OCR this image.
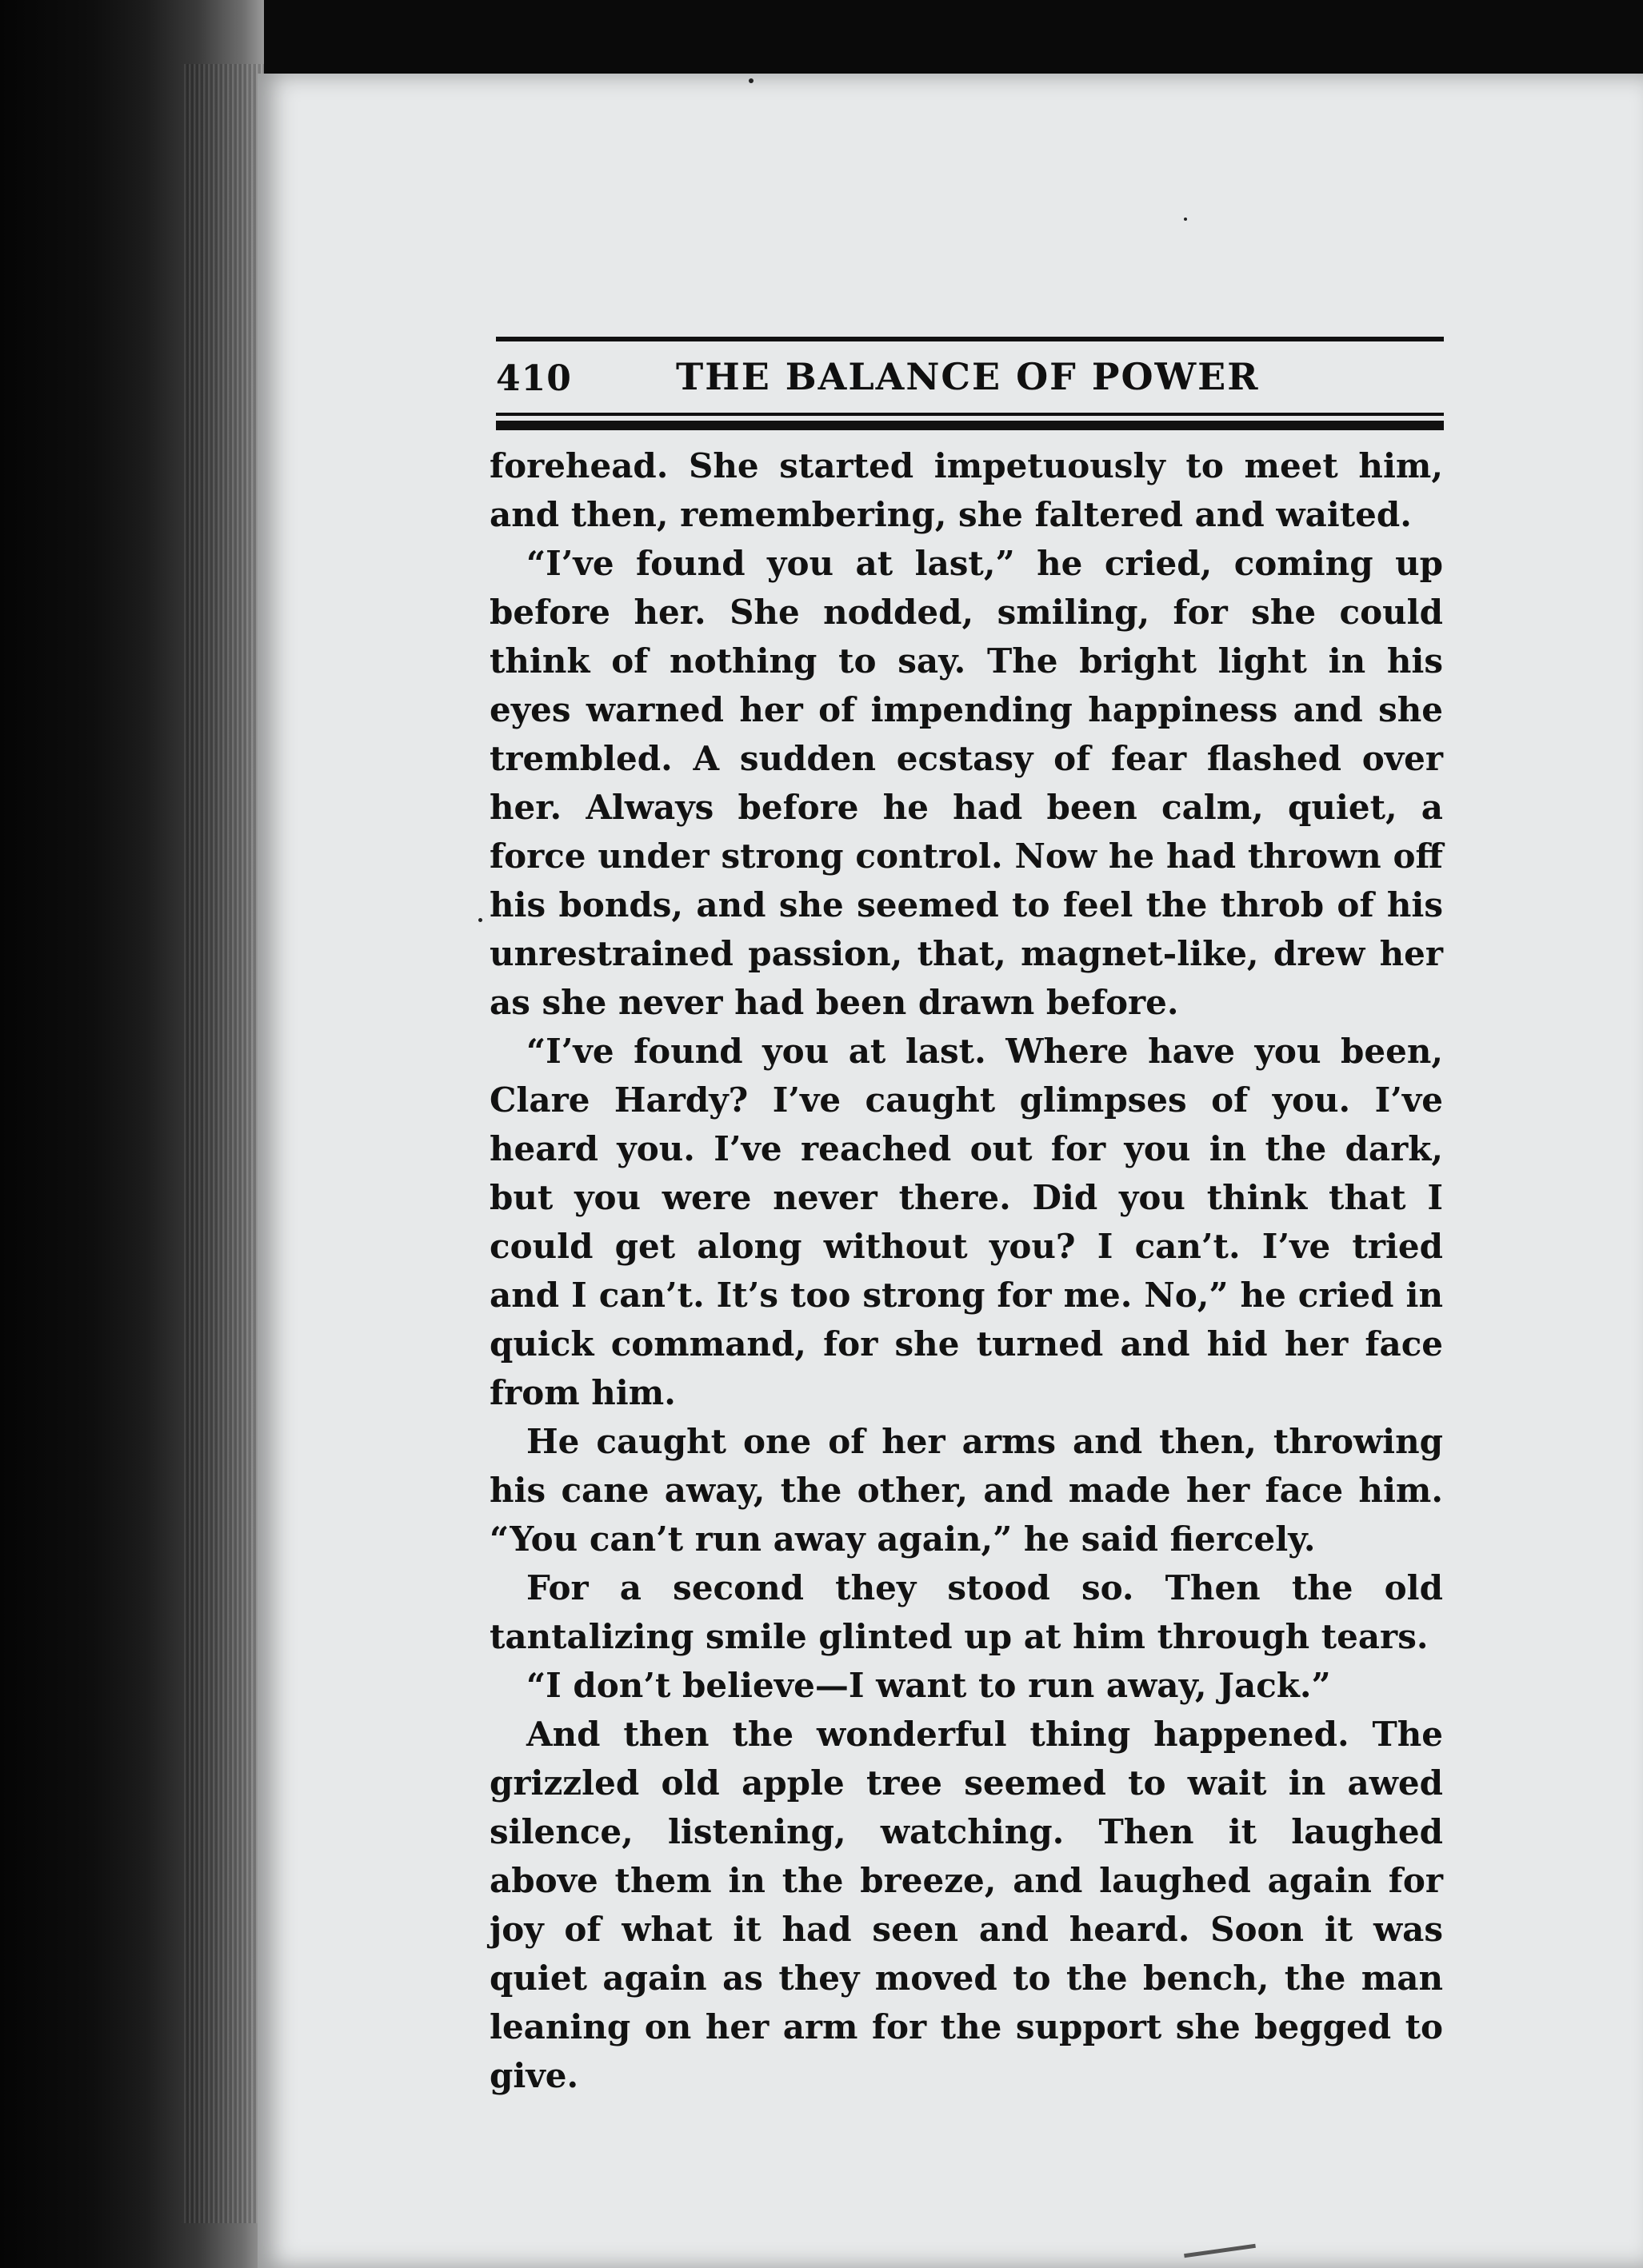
410	THE BALANCE OF POWER

forehead. She started impetuously to meet him, and then, remembering, she faltered and waited.

“I’ve found you at last,” he cried, coming up before her. She nodded, smiling, for she could think of nothing to say. The bright light in his eyes warned her of impending happiness and she trembled. A sudden ecstasy of fear flashed over her. Always before he had been calm, quiet, a force under strong control. Now he had thrown off his bonds, and she seemed to feel the throb of his unrestrained passion, that, magnet-like, drew her as she never had been drawn before.

“I’ve found you at last. Where have you been, Clare Hardy? I’ve caught glimpses of you. I’ve heard you. I’ve reached out for you in the dark, but you were never there. Did you think that I could get along without you? I can’t. I’ve tried and I can’t. It’s too strong for me. No,” he cried in quick command, for she turned and hid her face from him.

He caught one of her arms and then, throwing his cane away, the other, and made her face him. “You can’t run away again,” he said fiercely.

For a second they stood so. Then the old tantalizing smile glinted up at him through tears.

“I don’t believe—I want to run away, Jack.”

And then the wonderful thing happened. The grizzled old apple tree seemed to wait in awed silence, listening, watching. Then it laughed above them in the breeze, and laughed again for joy of what it had seen and heard. Soon it was quiet again as they moved to the bench, the man leaning on her arm for the support she begged to give.
